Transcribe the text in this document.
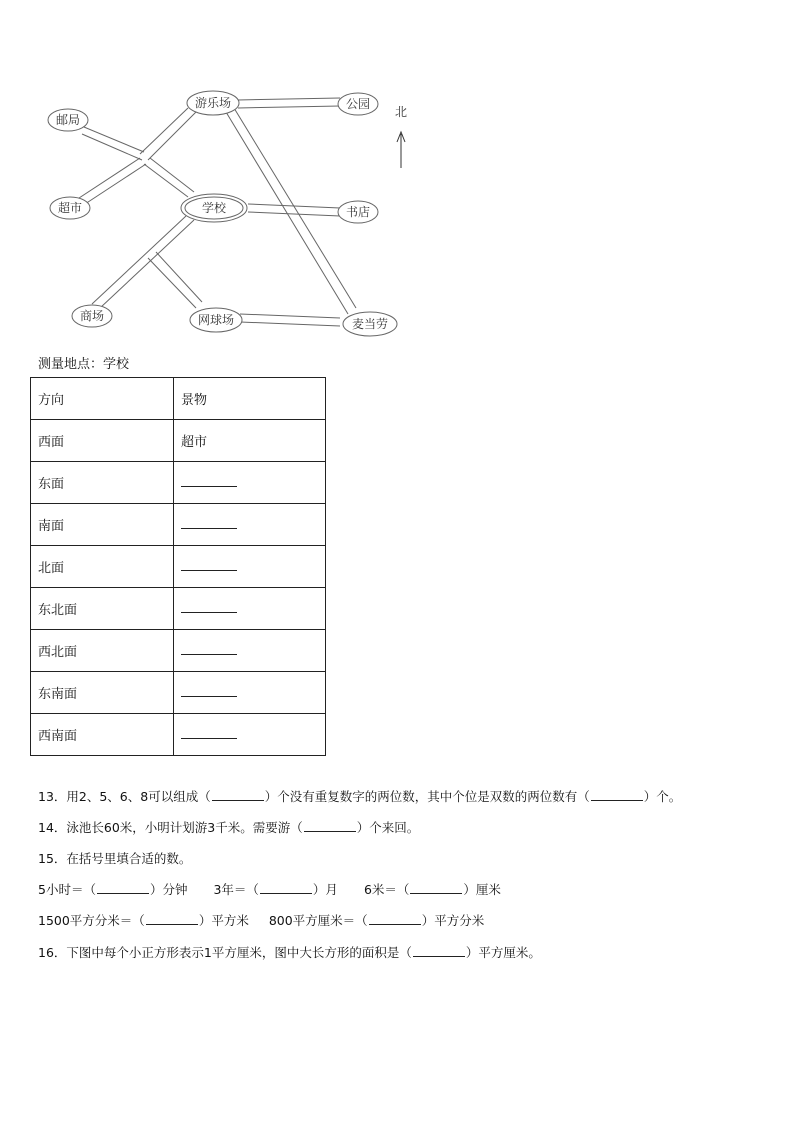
邮局
游乐场	公园
超市	学校	书店
商场	网球场	麦当劳
北
测量地点：学校
方向	景物
西面	超市
东面	
南面	
北面	
东北面	
西北面	
东南面	
西南面	
13．用2、5、6、8可以组成（	）个没有重复数字的两位数，其中个位是双数的两位数有（	）个。
14．泳池长60米，小明计划游3千米。需要游（	）个来回。
15．在括号里填合适的数。
5小时＝（	）分钟 3年＝（	）月 6米＝（	）厘米
1500平方分米＝（	）平方米 800平方厘米＝（	）平方分米
16．下图中每个小正方形表示1平方厘米，图中大长方形的面积是（	）平方厘米。
